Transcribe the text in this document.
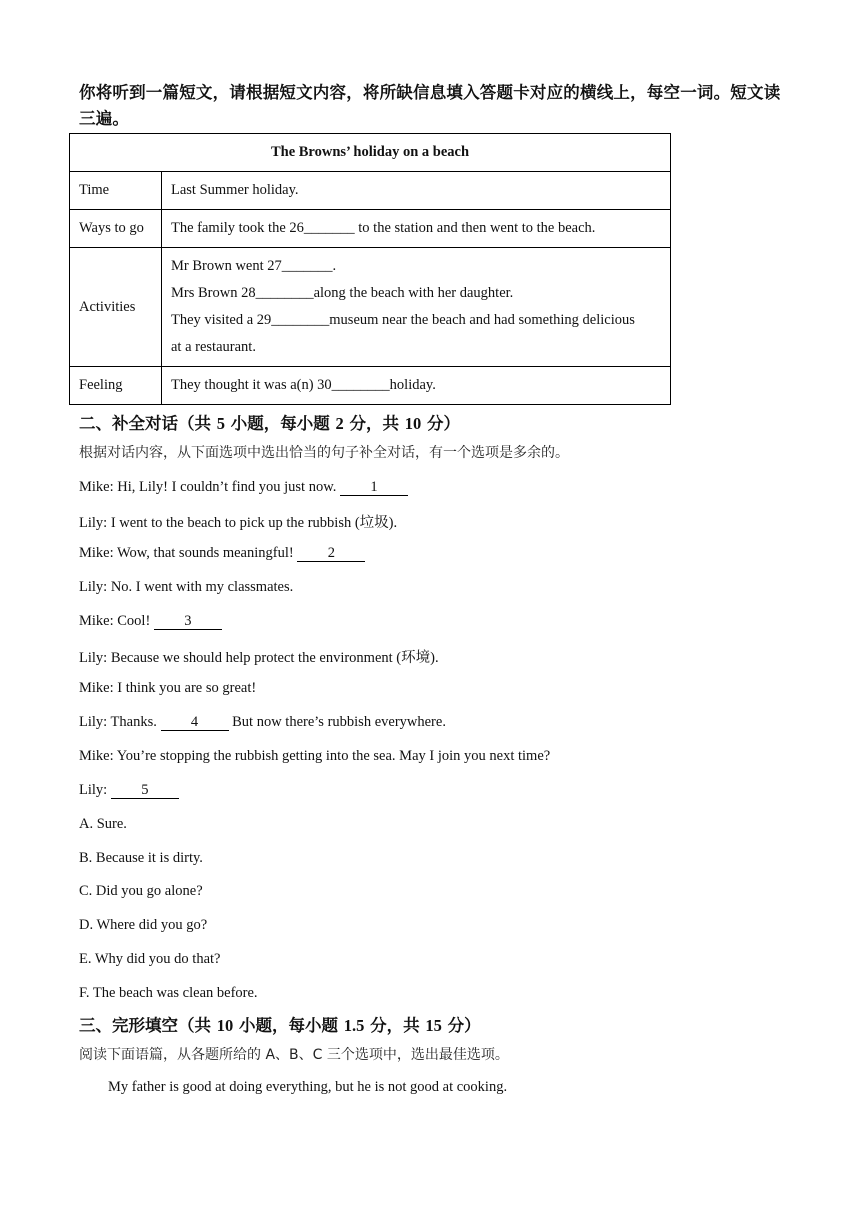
你将听到一篇短文，请根据短文内容，将所缺信息填入答题卡对应的横线上，每空一词。短文读三遍。
The Browns’ holiday on a beach	
Time	Last Summer holiday.
Ways to go	The family took the 26_______ to the station and then went to the beach.
Activities	Mr Brown went 27_______.
Mrs Brown 28________along the beach with her daughter.
They visited a 29________museum near the beach and had something delicious
at a restaurant.

Feeling	They thought it was a(n) 30________holiday.
二、补全对话（共 5 小题，每小题 2 分，共 10 分）
根据对话内容，从下面选项中选出恰当的句子补全对话，有一个选项是多余的。
Mike: Hi, Lily! I couldn’t find you just now. 1
Lily: I went to the beach to pick up the rubbish (垃圾).
Mike: Wow, that sounds meaningful! 2
Lily: No. I went with my classmates.
Mike: Cool! 3
Lily: Because we should help protect the environment (环境).
Mike: I think you are so great!
Lily: Thanks. 4 But now there’s rubbish everywhere.
Mike: You’re stopping the rubbish getting into the sea. May I join you next time?
Lily: 5
A. Sure.
B. Because it is dirty.
C. Did you go alone?
D. Where did you go?
E. Why did you do that?
F. The beach was clean before.
三、完形填空（共 10 小题，每小题 1.5 分，共 15 分）
阅读下面语篇，从各题所给的 A、B、C 三个选项中，选出最佳选项。
My father is good at doing everything, but he is not good at cooking.
